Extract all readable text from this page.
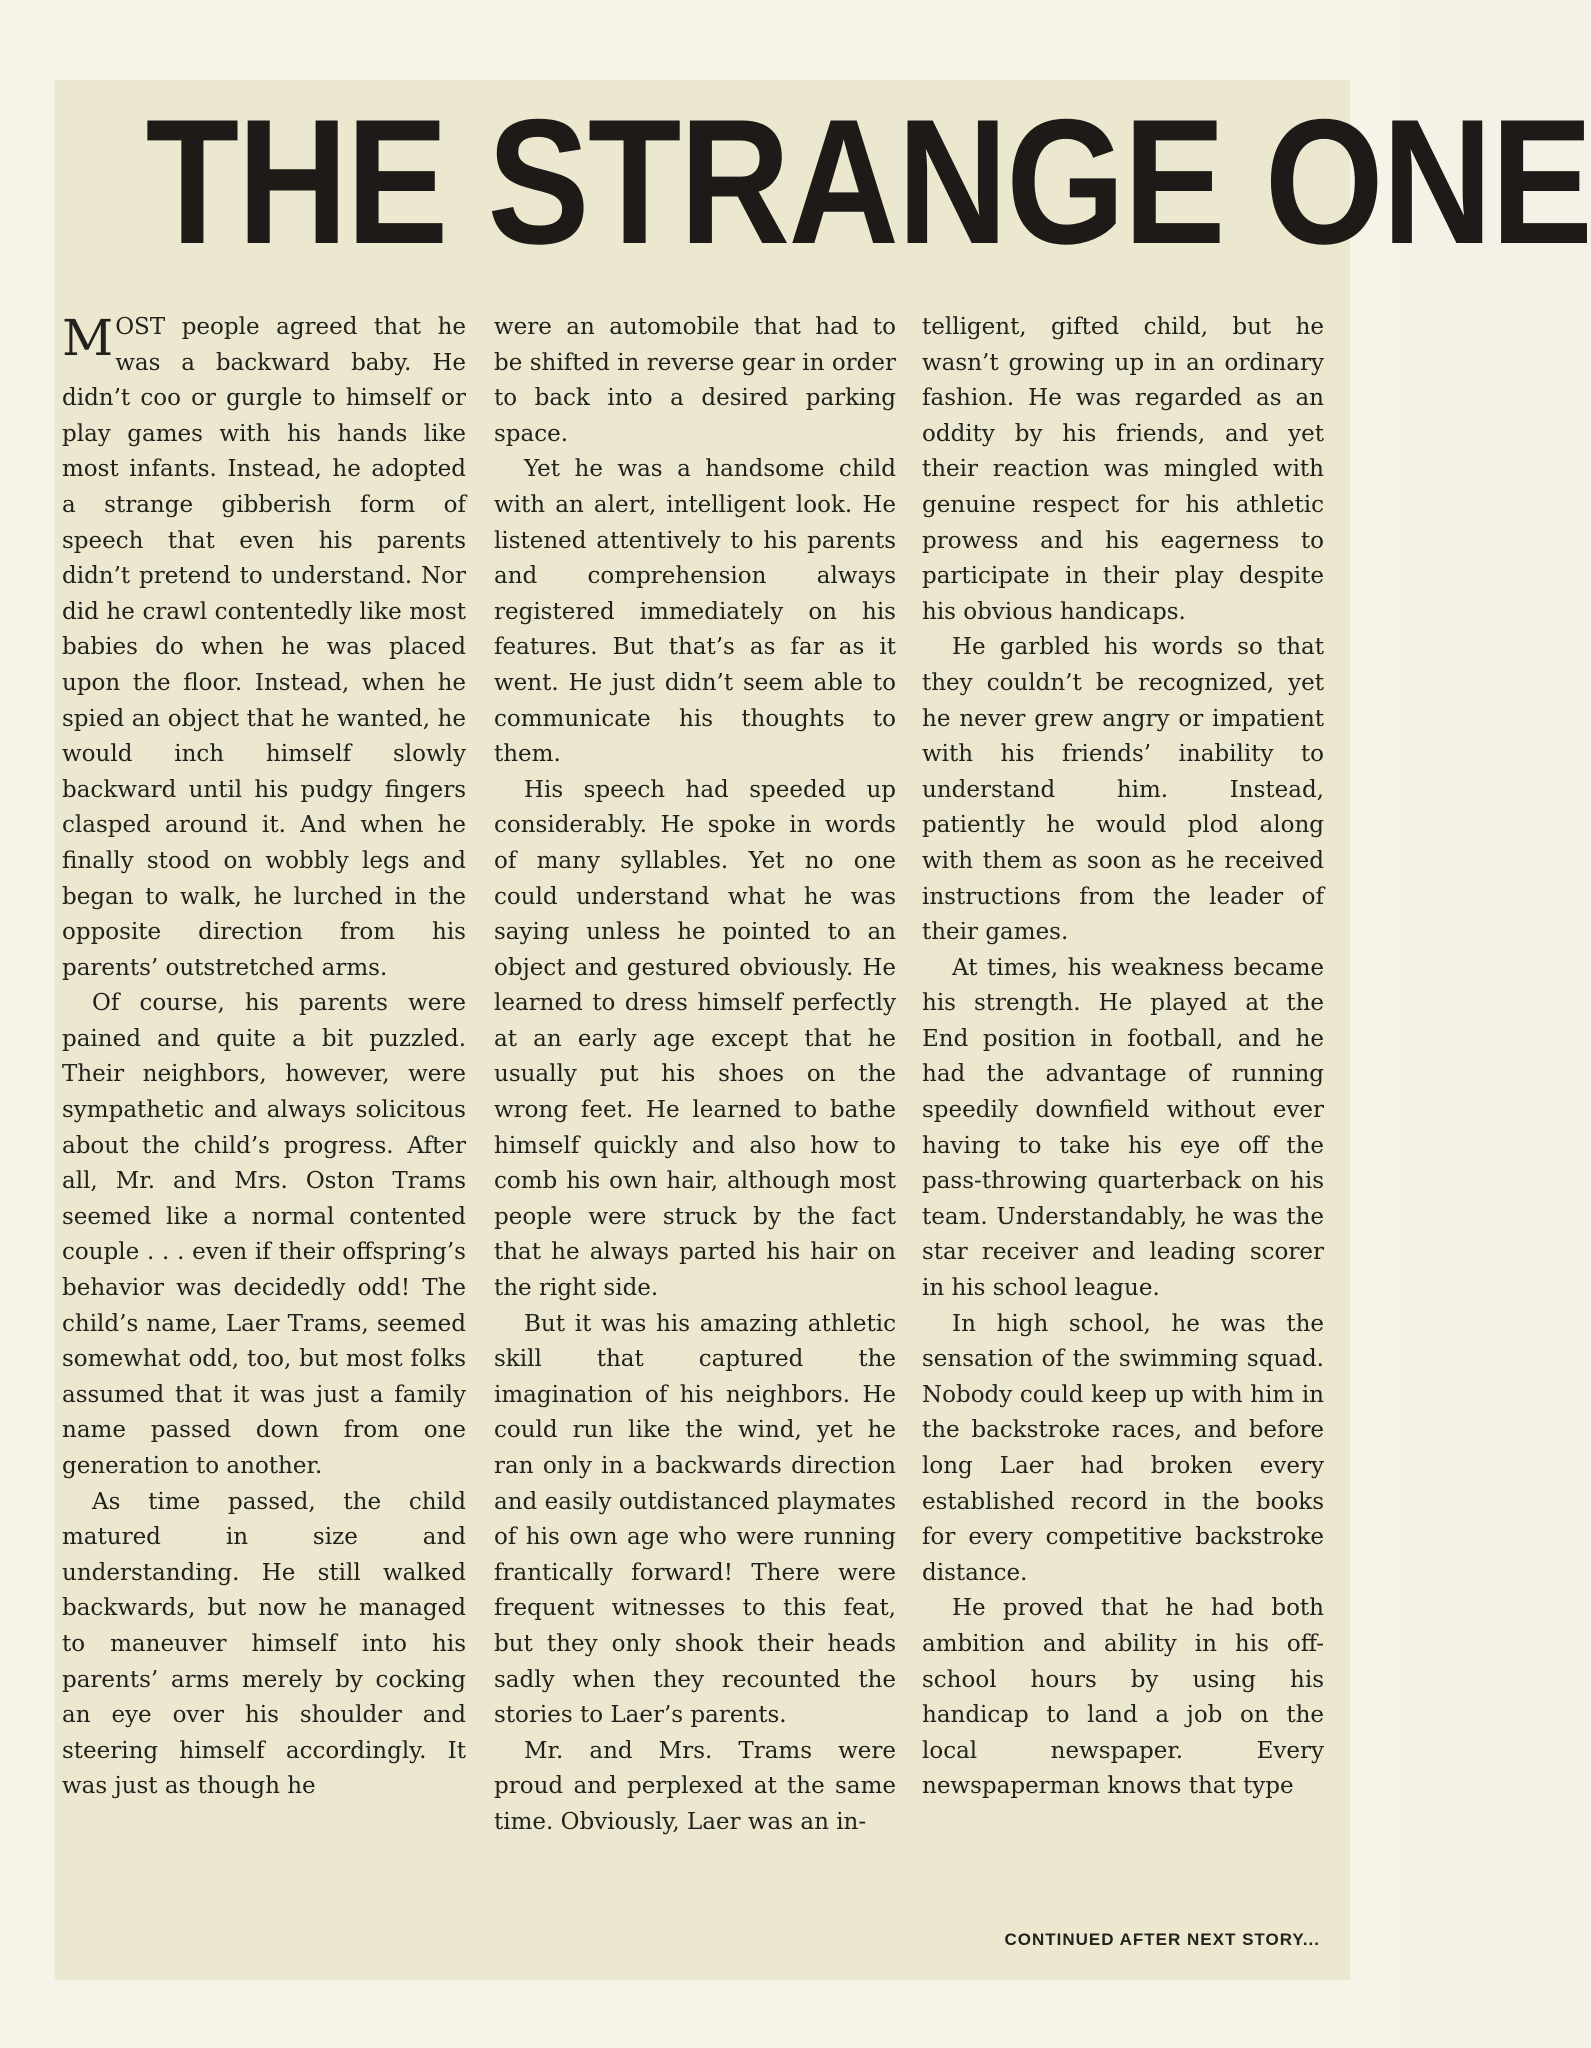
THE STRANGE ONE

MOST people agreed that he was a backward baby. He didn’t coo or gurgle to himself or play games with his hands like most infants. Instead, he adopted a strange gibberish form of speech that even his parents didn’t pretend to understand. Nor did he crawl contentedly like most babies do when he was placed upon the floor. Instead, when he spied an object that he wanted, he would inch himself slowly backward until his pudgy fingers clasped around it. And when he finally stood on wobbly legs and began to walk, he lurched in the opposite direction from his parents’ outstretched arms.

Of course, his parents were pained and quite a bit puzzled. Their neighbors, however, were sympathetic and always solicitous about the child’s progress. After all, Mr. and Mrs. Oston Trams seemed like a normal contented couple . . . even if their offspring’s behavior was decidedly odd! The child’s name, Laer Trams, seemed somewhat odd, too, but most folks assumed that it was just a family name passed down from one generation to another.

As time passed, the child matured in size and understanding. He still walked backwards, but now he managed to maneuver himself into his parents’ arms merely by cocking an eye over his shoulder and steering himself accordingly. It was just as though he

were an automobile that had to be shifted in reverse gear in order to back into a desired parking space.

Yet he was a handsome child with an alert, intelligent look. He listened attentively to his parents and comprehension always registered immediately on his features. But that’s as far as it went. He just didn’t seem able to communicate his thoughts to them.

His speech had speeded up considerably. He spoke in words of many syllables. Yet no one could understand what he was saying unless he pointed to an object and gestured obviously. He learned to dress himself perfectly at an early age except that he usually put his shoes on the wrong feet. He learned to bathe himself quickly and also how to comb his own hair, although most people were struck by the fact that he always parted his hair on the right side.

But it was his amazing athletic skill that captured the imagination of his neighbors. He could run like the wind, yet he ran only in a backwards direction and easily outdistanced playmates of his own age who were running frantically forward! There were frequent witnesses to this feat, but they only shook their heads sadly when they recounted the stories to Laer’s parents.

Mr. and Mrs. Trams were proud and perplexed at the same time. Obviously, Laer was an in-

telligent, gifted child, but he wasn’t growing up in an ordinary fashion. He was regarded as an oddity by his friends, and yet their reaction was mingled with genuine respect for his athletic prowess and his eagerness to participate in their play despite his obvious handicaps.

He garbled his words so that they couldn’t be recognized, yet he never grew angry or impatient with his friends’ inability to understand him. Instead, patiently he would plod along with them as soon as he received instructions from the leader of their games.

At times, his weakness became his strength. He played at the End position in football, and he had the advantage of running speedily downfield without ever having to take his eye off the pass-throwing quarterback on his team. Understandably, he was the star receiver and leading scorer in his school league.

In high school, he was the sensation of the swimming squad. Nobody could keep up with him in the backstroke races, and before long Laer had broken every established record in the books for every competitive backstroke distance.

He proved that he had both ambition and ability in his off-school hours by using his handicap to land a job on the local newspaper. Every newspaperman knows that type

CONTINUED AFTER NEXT STORY...
